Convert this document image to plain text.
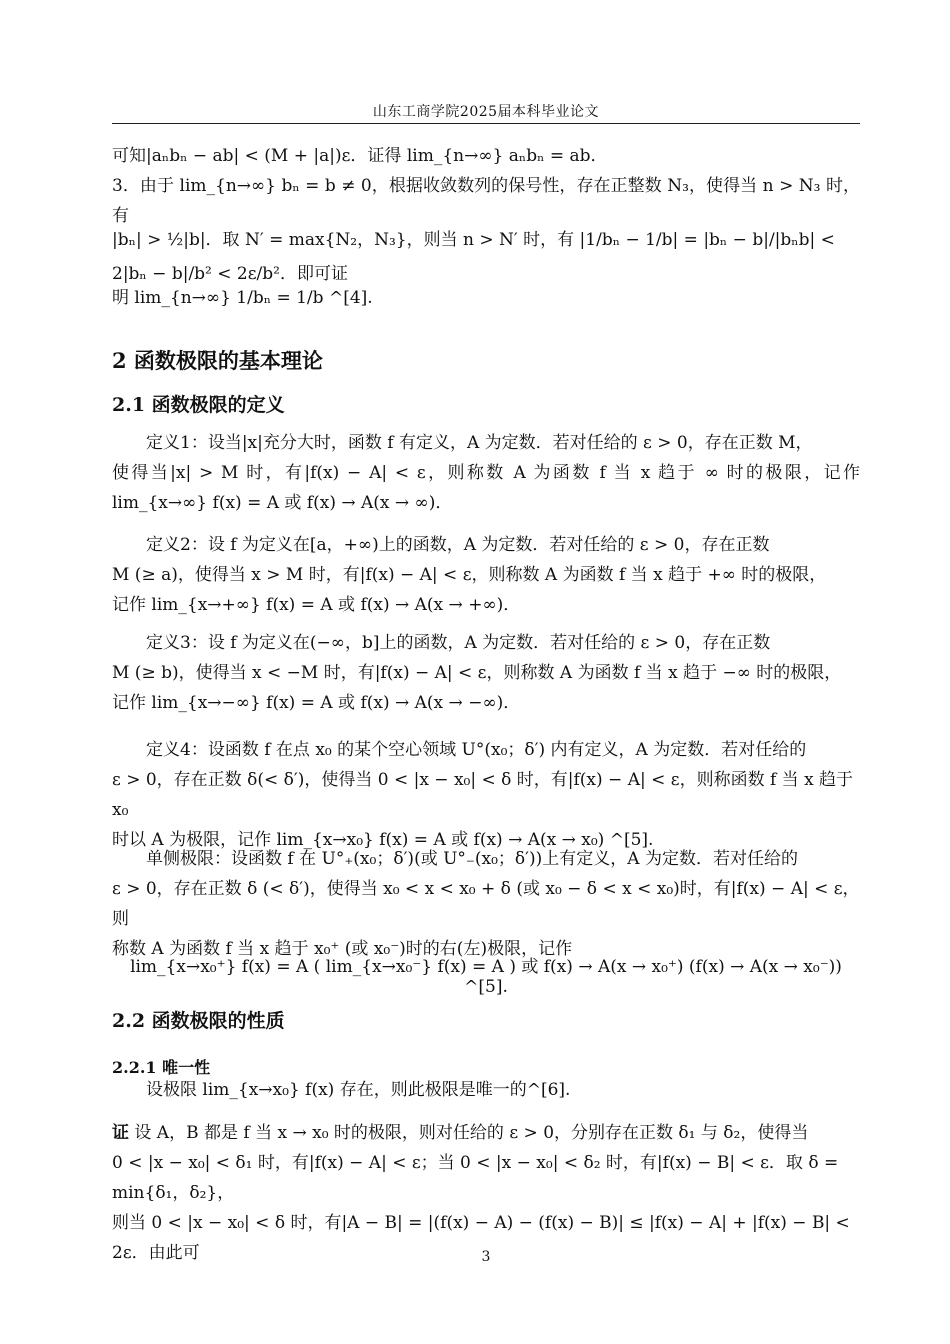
山东工商学院2025届本科毕业论文

可知|aₙbₙ − ab| < (M + |a|)ε．证得 lim_{n→∞} aₙbₙ = ab．

3．由于 lim_{n→∞} bₙ = b ≠ 0，根据收敛数列的保号性，存在正整数 N₃，使得当 n > N₃ 时，有

|bₙ| > ½|b|．取 N′ = max{N₂，N₃}，则当 n > N′ 时，有 |1/bₙ − 1/b| = |bₙ − b|/|bₙb| < 2|bₙ − b|/b² < 2ε/b²．即可证

明 lim_{n→∞} 1/bₙ = 1/b ^[4].

2 函数极限的基本理论
2.1 函数极限的定义

定义1：设当|x|充分大时，函数 f 有定义，A 为定数．若对任给的 ε > 0，存在正数 M，

使得当|x| > M 时，有|f(x) − A| < ε，则称数 A 为函数 f 当 x 趋于 ∞ 时的极限，记作

lim_{x→∞} f(x) = A 或 f(x) → A(x → ∞)．

定义2：设 f 为定义在[a，+∞)上的函数，A 为定数．若对任给的 ε > 0，存在正数

M (≥ a)，使得当 x > M 时，有|f(x) − A| < ε，则称数 A 为函数 f 当 x 趋于 +∞ 时的极限，

记作 lim_{x→+∞} f(x) = A 或 f(x) → A(x → +∞)．

定义3：设 f 为定义在(−∞，b]上的函数，A 为定数．若对任给的 ε > 0，存在正数

M (≥ b)，使得当 x < −M 时，有|f(x) − A| < ε，则称数 A 为函数 f 当 x 趋于 −∞ 时的极限，

记作 lim_{x→−∞} f(x) = A 或 f(x) → A(x → −∞)．

定义4：设函数 f 在点 x₀ 的某个空心领域 U°(x₀；δ′) 内有定义，A 为定数．若对任给的

ε > 0，存在正数 δ(< δ′)，使得当 0 < |x − x₀| < δ 时，有|f(x) − A| < ε，则称函数 f 当 x 趋于 x₀

时以 A 为极限，记作 lim_{x→x₀} f(x) = A 或 f(x) → A(x → x₀) ^[5].

单侧极限：设函数 f 在 U°₊(x₀；δ′)(或 U°₋(x₀；δ′))上有定义，A 为定数．若对任给的

ε > 0，存在正数 δ (< δ′)，使得当 x₀ < x < x₀ + δ (或 x₀ − δ < x < x₀)时，有|f(x) − A| < ε，则

称数 A 为函数 f 当 x 趋于 x₀⁺ (或 x₀⁻)时的右(左)极限，记作

lim_{x→x₀⁺} f(x) = A ( lim_{x→x₀⁻} f(x) = A ) 或 f(x) → A(x → x₀⁺) (f(x) → A(x → x₀⁻)) ^[5].
2.2 函数极限的性质
2.2.1 唯一性

设极限 lim_{x→x₀} f(x) 存在，则此极限是唯一的^[6].

证 设 A，B 都是 f 当 x → x₀ 时的极限，则对任给的 ε > 0，分别存在正数 δ₁ 与 δ₂，使得当

0 < |x − x₀| < δ₁ 时，有|f(x) − A| < ε；当 0 < |x − x₀| < δ₂ 时，有|f(x) − B| < ε．取 δ = min{δ₁，δ₂}，

则当 0 < |x − x₀| < δ 时，有|A − B| = |(f(x) − A) − (f(x) − B)| ≤ |f(x) − A| + |f(x) − B| < 2ε．由此可	3
